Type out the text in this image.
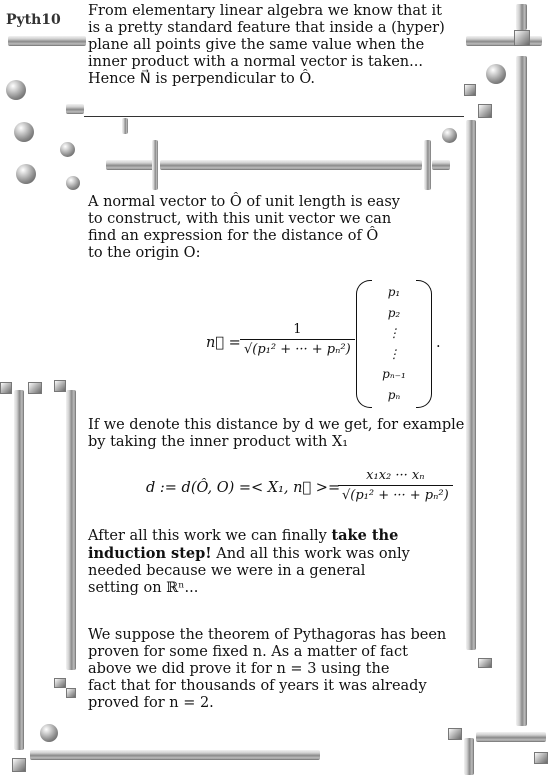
Pyth10
From elementary linear algebra we know that it
is a pretty standard feature that inside a (hyper)
plane all points give the same value when the
inner product with a normal vector is taken...
Hence N⃗ is perpendicular to Ô.
A normal vector to Ô of unit length is easy
to construct, with this unit vector we can
find an expression for the distance of Ô
to the origin O:
n⃗ = $\frac{1}{\text{√(p₁² + ··· + pₙ²)}}$
p₁
p₂
⋮
⋮
pₙ₋₁
pₙ
.
If we denote this distance by d we get, for example
by taking the inner product with X₁
d := d(Ô, O) =< X₁, n⃗ >=
$\frac{\text{x₁x₂ ··· xₙ}}{\text{√(p₁² + ··· + pₙ²)}}$
After all this work we can finally take the
induction step! And all this work was only
needed because we were in a general
setting on ℝⁿ...
We suppose the theorem of Pythagoras has been
proven for some fixed n. As a matter of fact
above we did prove it for n = 3 using the
fact that for thousands of years it was already
proved for n = 2.
